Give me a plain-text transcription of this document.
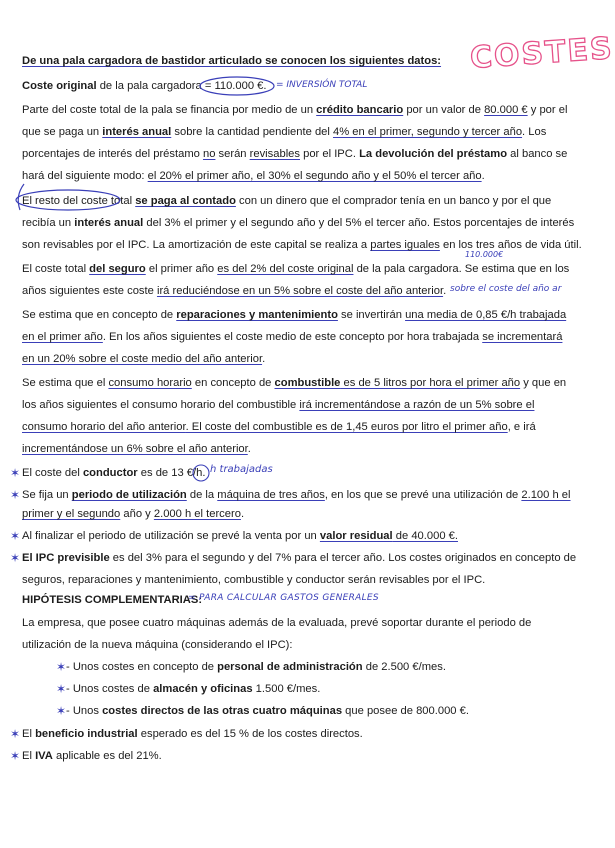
COSTES
De una pala cargadora de bastidor articulado se conocen los siguientes datos:
Coste original de la pala cargadora = 110.000 €. = INVERSIÓN TOTAL
Parte del coste total de la pala se financia por medio de un crédito bancario por un valor de 80.000 € y por el
que se paga un interés anual sobre la cantidad pendiente del 4% en el primer, segundo y tercer año. Los
porcentajes de interés del préstamo no serán revisables por el IPC. La devolución del préstamo al banco se
hará del siguiente modo: el 20% el primer año, el 30% el segundo año y el 50% el tercer año.
El resto del coste total se paga al contado con un dinero que el comprador tenía en un banco y por el que
recibía un interés anual del 3% el primer y el segundo año y del 5% el tercer año. Estos porcentajes de interés
son revisables por el IPC. La amortización de este capital se realiza a partes iguales en los tres años de vida útil.
110.000€
El coste total del seguro el primer año es del 2% del coste original de la pala cargadora. Se estima que en los
años siguientes este coste irá reduciéndose en un 5% sobre el coste del año anterior. sobre el coste del año ar
Se estima que en concepto de reparaciones y mantenimiento se invertirán una media de 0,85 €/h trabajada
en el primer año. En los años siguientes el coste medio de este concepto por hora trabajada se incrementará
en un 20% sobre el coste medio del año anterior.
Se estima que el consumo horario en concepto de combustible es de 5 litros por hora el primer año y que en
los años siguientes el consumo horario del combustible irá incrementándose a razón de un 5% sobre el
consumo horario del año anterior. El coste del combustible es de 1,45 euros por litro el primer año, e irá
incrementándose un 6% sobre el año anterior.
✶ El coste del conductor es de 13 €/h. h trabajadas
✶ Se fija un periodo de utilización de la máquina de tres años, en los que se prevé una utilización de 2.100 h el
primer y el segundo año y 2.000 h el tercero.
✶ Al finalizar el periodo de utilización se prevé la venta por un valor residual de 40.000 €.
✶ El IPC previsible es del 3% para el segundo y del 7% para el tercer año. Los costes originados en concepto de
seguros, reparaciones y mantenimiento, combustible y conductor serán revisables por el IPC.
HIPÓTESIS COMPLEMENTARIAS:
= PARA CALCULAR GASTOS GENERALES
La empresa, que posee cuatro máquinas además de la evaluada, prevé soportar durante el periodo de
utilización de la nueva máquina (considerando el IPC):
✶ - Unos costes en concepto de personal de administración de 2.500 €/mes.
✶ - Unos costes de almacén y oficinas 1.500 €/mes.
✶ - Unos costes directos de las otras cuatro máquinas que posee de 800.000 €.
✶ El beneficio industrial esperado es del 15 % de los costes directos.
✶ El IVA aplicable es del 21%.
